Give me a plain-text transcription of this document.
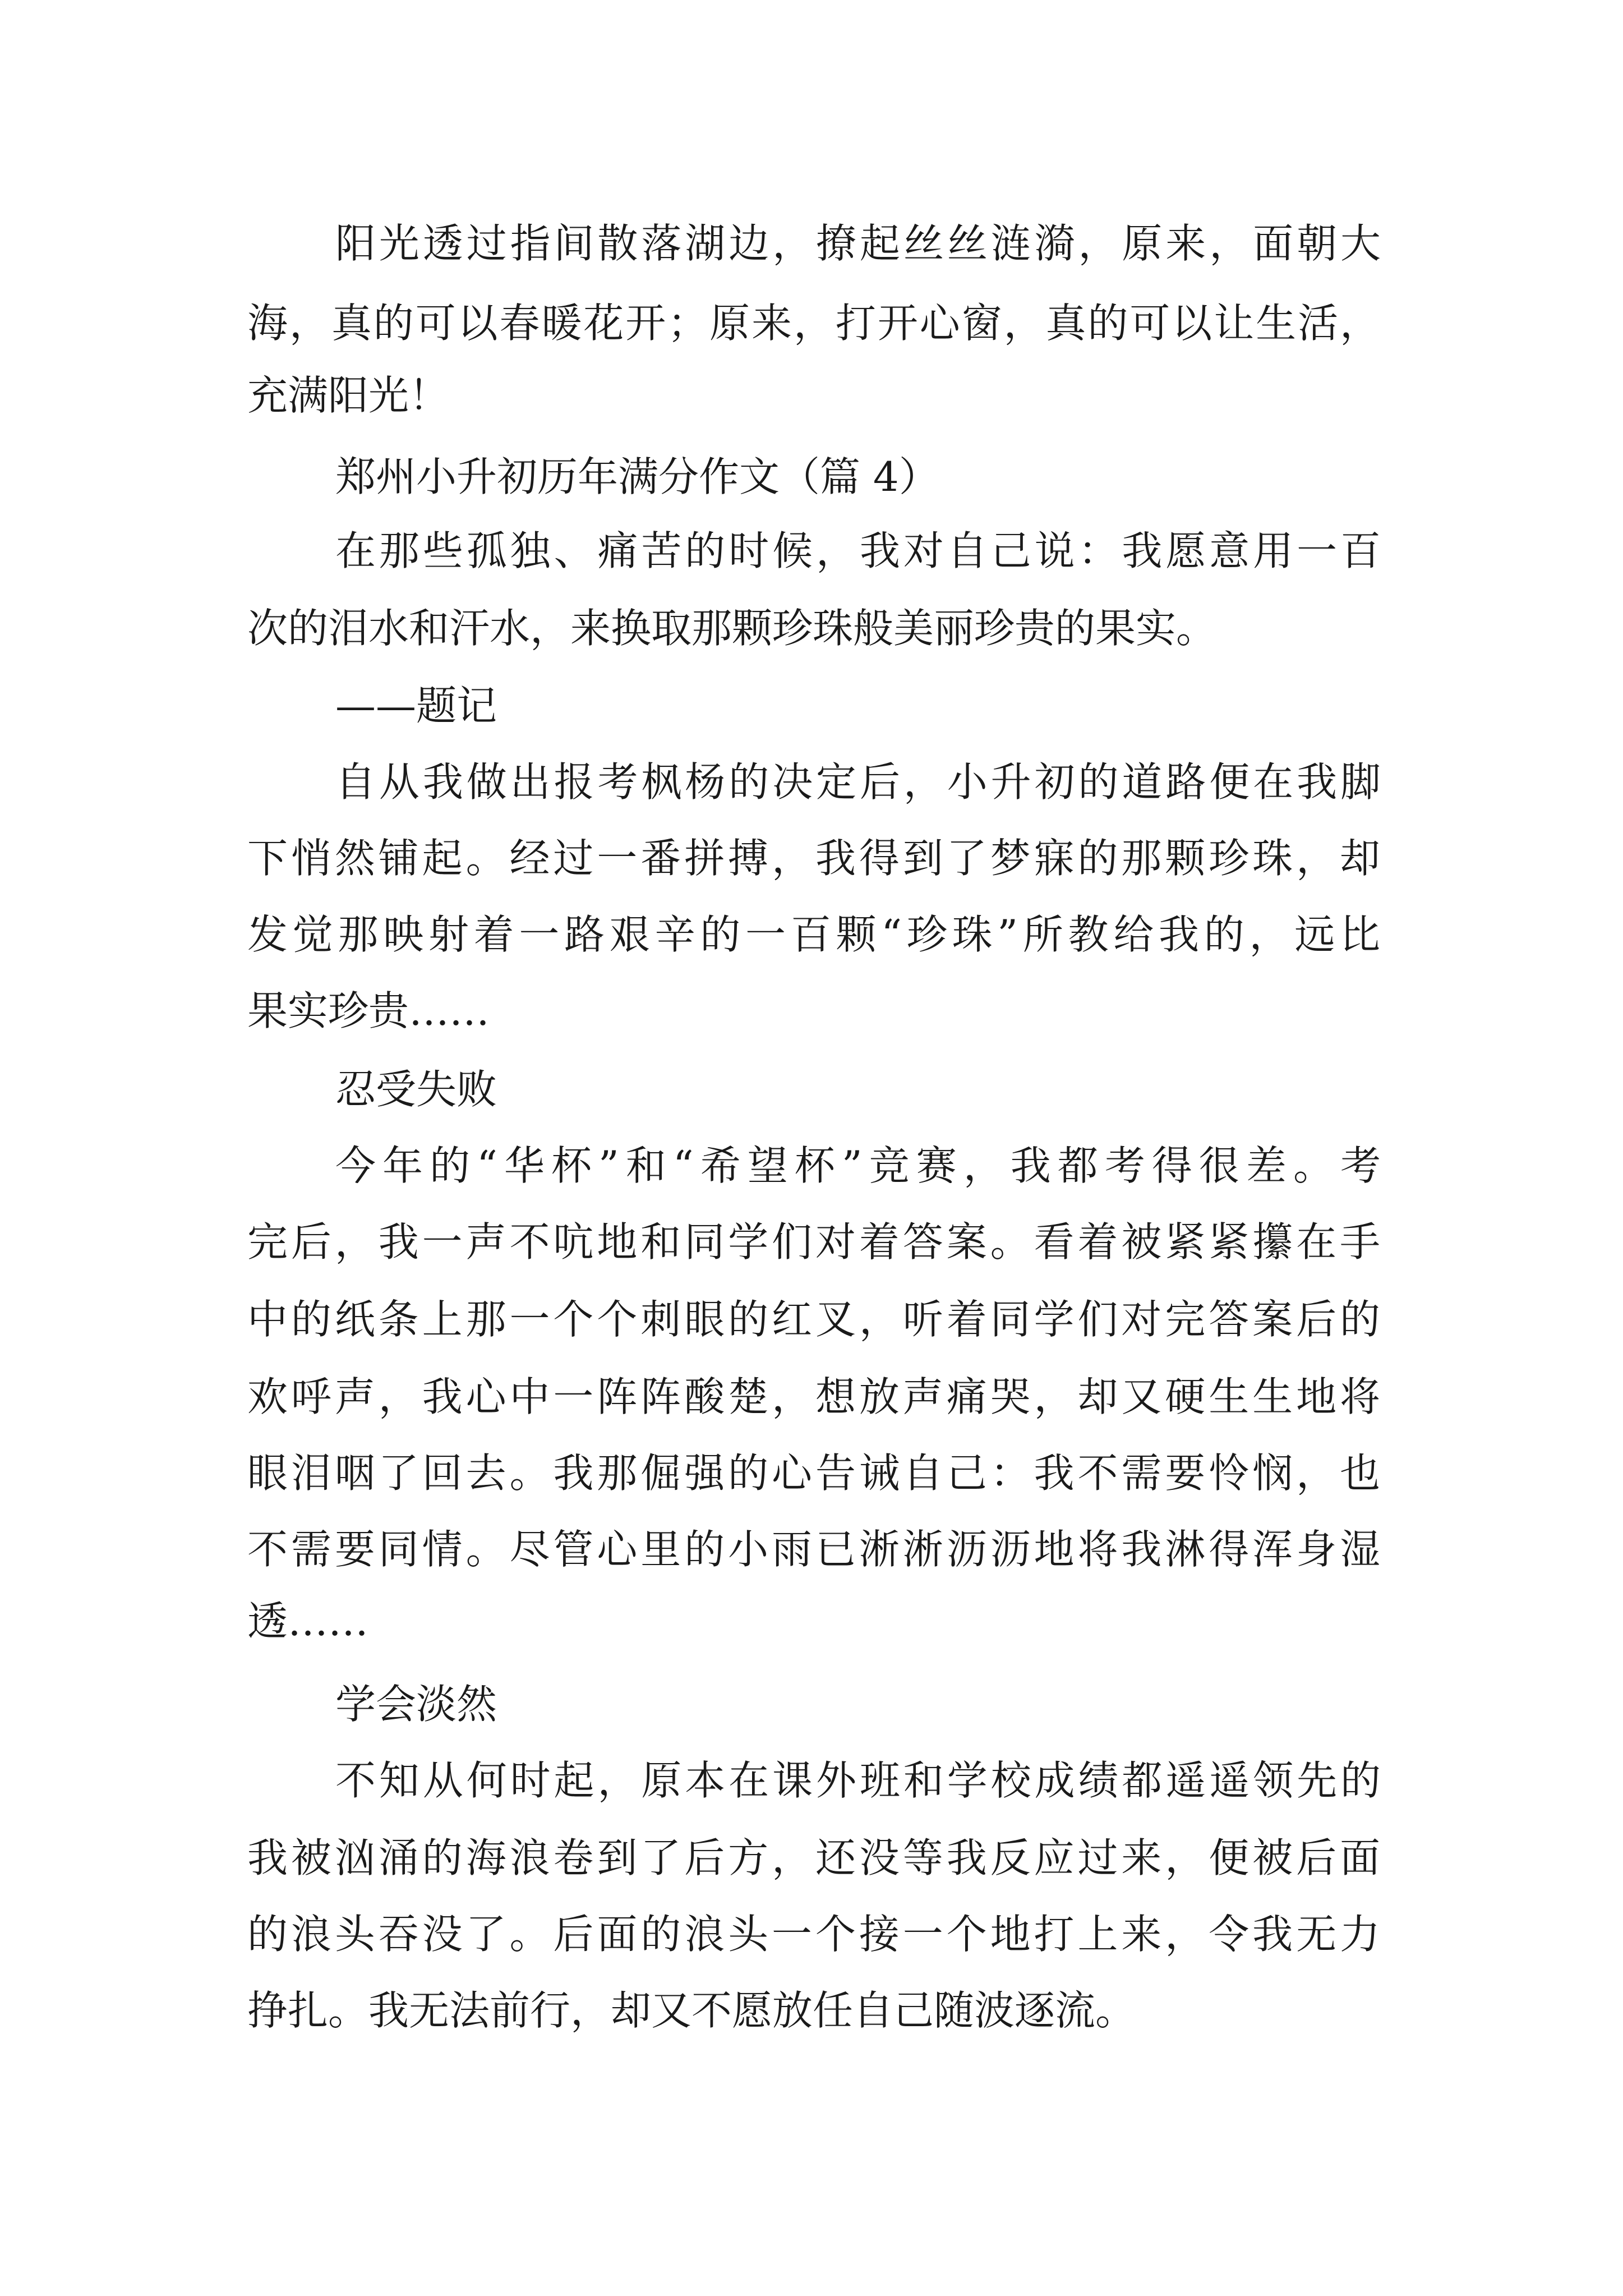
阳光透过指间散落湖边，撩起丝丝涟漪，原来，面朝大

海，真的可以春暖花开；原来，打开心窗，真的可以让生活，

充满阳光！

郑州小升初历年满分作文（篇 4）

在那些孤独、痛苦的时候，我对自己说：我愿意用一百

次的泪水和汗水，来换取那颗珍珠般美丽珍贵的果实。

——题记

自从我做出报考枫杨的决定后，小升初的道路便在我脚

下悄然铺起。经过一番拼搏，我得到了梦寐的那颗珍珠，却

发觉那映射着一路艰辛的一百颗“珍珠”所教给我的，远比

果实珍贵……

忍受失败

今年的“华杯”和“希望杯”竞赛，我都考得很差。考

完后，我一声不吭地和同学们对着答案。看着被紧紧攥在手

中的纸条上那一个个刺眼的红叉，听着同学们对完答案后的

欢呼声，我心中一阵阵酸楚，想放声痛哭，却又硬生生地将

眼泪咽了回去。我那倔强的心告诫自己：我不需要怜悯，也

不需要同情。尽管心里的小雨已淅淅沥沥地将我淋得浑身湿

透……

学会淡然

不知从何时起，原本在课外班和学校成绩都遥遥领先的

我被汹涌的海浪卷到了后方，还没等我反应过来，便被后面

的浪头吞没了。后面的浪头一个接一个地打上来，令我无力

挣扎。我无法前行，却又不愿放任自己随波逐流。
